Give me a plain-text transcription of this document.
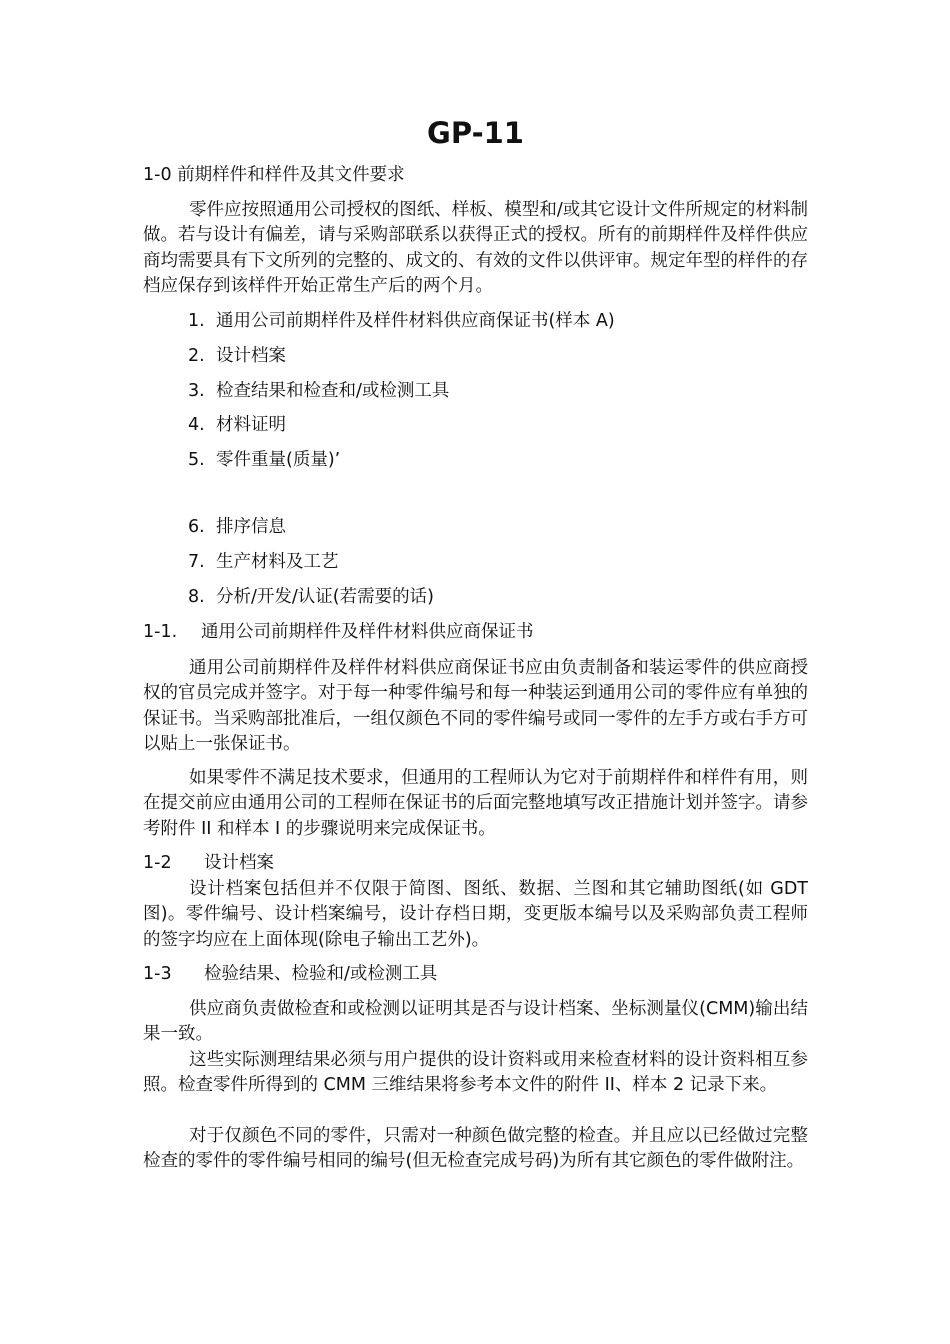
GP-11
1-0 前期样件和样件及其文件要求
零件应按照通用公司授权的图纸、样板、模型和/或其它设计文件所规定的材料制做。若与设计有偏差，请与采购部联系以获得正式的授权。所有的前期样件及样件供应商均需要具有下文所列的完整的、成文的、有效的文件以供评审。规定年型的样件的存档应保存到该样件开始正常生产后的两个月。
1. 通用公司前期样件及样件材料供应商保证书(样本 A)
2. 设计档案
3. 检查结果和检查和/或检测工具
4. 材料证明
5. 零件重量(质量)’
6. 排序信息
7. 生产材料及工艺
8. 分析/开发/认证(若需要的话)
1-1. 通用公司前期样件及样件材料供应商保证书
通用公司前期样件及样件材料供应商保证书应由负责制备和装运零件的供应商授权的官员完成并签字。对于每一种零件编号和每一种装运到通用公司的零件应有单独的保证书。当采购部批准后，一组仅颜色不同的零件编号或同一零件的左手方或右手方可以贴上一张保证书。
如果零件不满足技术要求，但通用的工程师认为它对于前期样件和样件有用，则在提交前应由通用公司的工程师在保证书的后面完整地填写改正措施计划并签字。请参考附件 II 和样本 I 的步骤说明来完成保证书。
1-2 设计档案
设计档案包括但并不仅限于简图、图纸、数据、兰图和其它辅助图纸(如 GDT 图)。零件编号、设计档案编号，设计存档日期，变更版本编号以及采购部负责工程师的签字均应在上面体现(除电子输出工艺外)。
1-3 检验结果、检验和/或检测工具
供应商负责做检查和或检测以证明其是否与设计档案、坐标测量仪(CMM)输出结果一致。
这些实际测理结果必须与用户提供的设计资料或用来检查材料的设计资料相互参照。检查零件所得到的 CMM 三维结果将参考本文件的附件 II、样本 2 记录下来。
对于仅颜色不同的零件，只需对一种颜色做完整的检查。并且应以已经做过完整检查的零件的零件编号相同的编号(但无检查完成号码)为所有其它颜色的零件做附注。
